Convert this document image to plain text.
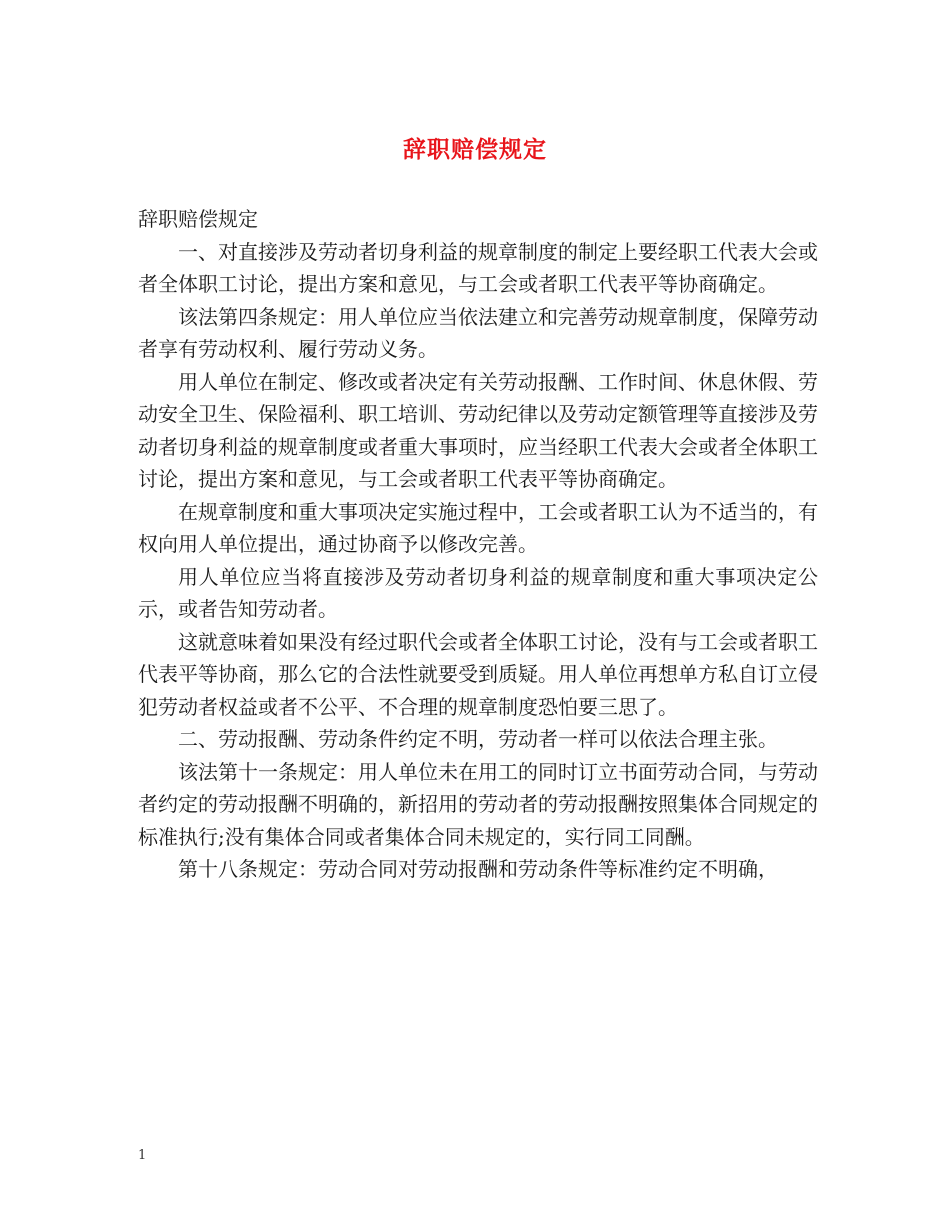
辞职赔偿规定

辞职赔偿规定

一、对直接涉及劳动者切身利益的规章制度的制定上要经职工代表大会或者全体职工讨论，提出方案和意见，与工会或者职工代表平等协商确定。

该法第四条规定：用人单位应当依法建立和完善劳动规章制度，保障劳动者享有劳动权利、履行劳动义务。

用人单位在制定、修改或者决定有关劳动报酬、工作时间、休息休假、劳动安全卫生、保险福利、职工培训、劳动纪律以及劳动定额管理等直接涉及劳动者切身利益的规章制度或者重大事项时，应当经职工代表大会或者全体职工讨论，提出方案和意见，与工会或者职工代表平等协商确定。

在规章制度和重大事项决定实施过程中，工会或者职工认为不适当的，有权向用人单位提出，通过协商予以修改完善。

用人单位应当将直接涉及劳动者切身利益的规章制度和重大事项决定公示，或者告知劳动者。

这就意味着如果没有经过职代会或者全体职工讨论，没有与工会或者职工代表平等协商，那么它的合法性就要受到质疑。用人单位再想单方私自订立侵犯劳动者权益或者不公平、不合理的规章制度恐怕要三思了。

二、劳动报酬、劳动条件约定不明，劳动者一样可以依法合理主张。

该法第十一条规定：用人单位未在用工的同时订立书面劳动合同，与劳动者约定的劳动报酬不明确的，新招用的劳动者的劳动报酬按照集体合同规定的标准执行;没有集体合同或者集体合同未规定的，实行同工同酬。

第十八条规定：劳动合同对劳动报酬和劳动条件等标准约定不明确，

1
